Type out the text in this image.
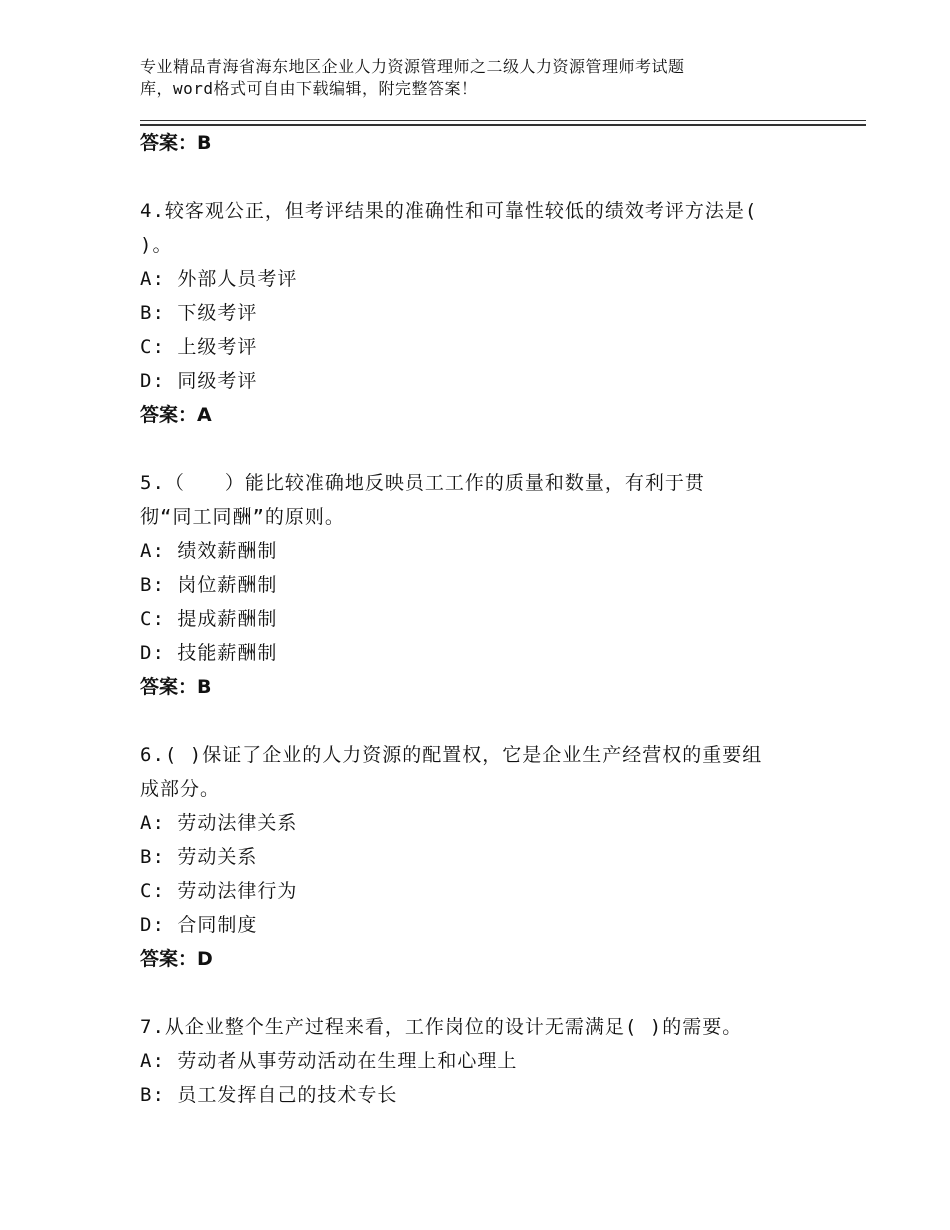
专业精品青海省海东地区企业人力资源管理师之二级人力资源管理师考试题
库，word格式可自由下载编辑，附完整答案！
答案：B
4.较客观公正，但考评结果的准确性和可靠性较低的绩效考评方法是(
)。
A: 外部人员考评
B: 下级考评
C: 上级考评
D: 同级考评
答案：A
5.（　　）能比较准确地反映员工工作的质量和数量，有利于贯
彻“同工同酬”的原则。
A: 绩效薪酬制
B: 岗位薪酬制
C: 提成薪酬制
D: 技能薪酬制
答案：B
6.( )保证了企业的人力资源的配置权，它是企业生产经营权的重要组
成部分。
A: 劳动法律关系
B: 劳动关系
C: 劳动法律行为
D: 合同制度
答案：D
7.从企业整个生产过程来看，工作岗位的设计无需满足( )的需要。
A: 劳动者从事劳动活动在生理上和心理上
B: 员工发挥自己的技术专长
